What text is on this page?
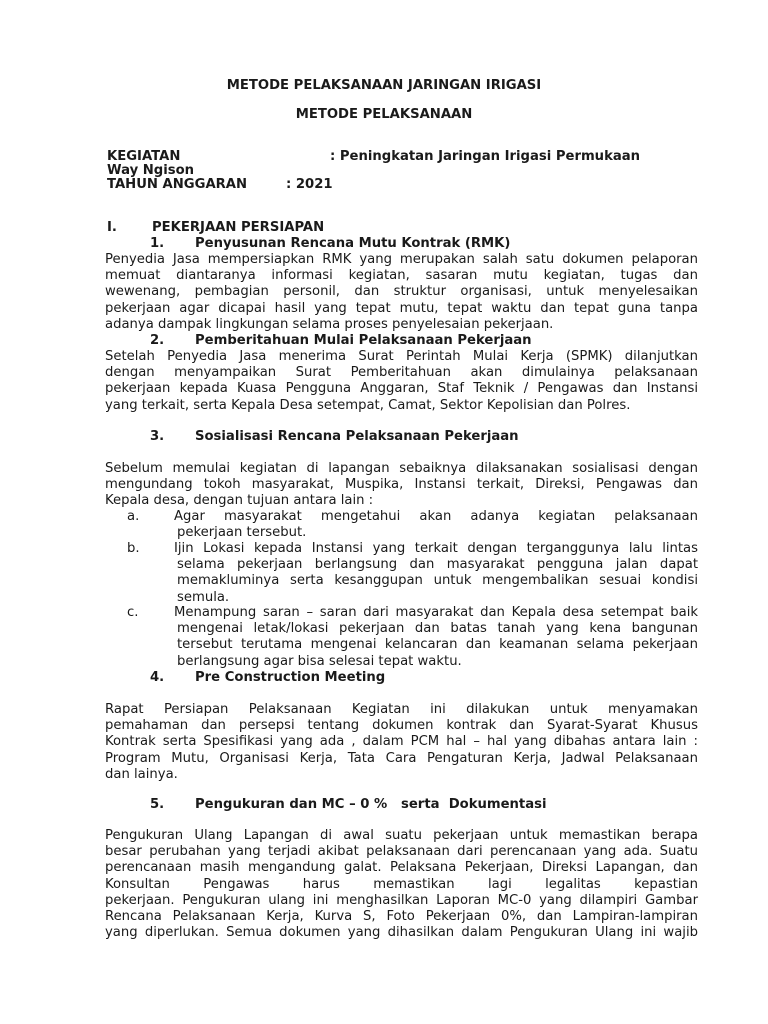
METODE PELAKSANAAN JARINGAN IRIGASI
METODE PELAKSANAAN
KEGIATAN	: Peningkatan Jaringan Irigasi Permukaan
Way Ngison
TAHUN ANGGARAN	: 2021
I.	PEKERJAAN PERSIAPAN
1. Penyusunan Rencana Mutu Kontrak (RMK)
Penyedia Jasa mempersiapkan RMK yang merupakan salah satu dokumen pelaporan
memuat diantaranya informasi kegiatan, sasaran mutu kegiatan, tugas dan
wewenang, pembagian personil, dan struktur organisasi, untuk menyelesaikan
pekerjaan agar dicapai hasil yang tepat mutu, tepat waktu dan tepat guna tanpa
adanya dampak lingkungan selama proses penyelesaian pekerjaan.
2. Pemberitahuan Mulai Pelaksanaan Pekerjaan
Setelah Penyedia Jasa menerima Surat Perintah Mulai Kerja (SPMK) dilanjutkan
dengan menyampaikan Surat Pemberitahuan akan dimulainya pelaksanaan
pekerjaan kepada Kuasa Pengguna Anggaran, Staf Teknik / Pengawas dan Instansi
yang terkait, serta Kepala Desa setempat, Camat, Sektor Kepolisian dan Polres.
3. Sosialisasi Rencana Pelaksanaan Pekerjaan
Sebelum memulai kegiatan di lapangan sebaiknya dilaksanakan sosialisasi dengan
mengundang tokoh masyarakat, Muspika, Instansi terkait, Direksi, Pengawas dan
Kepala desa, dengan tujuan antara lain :
a.	Agar masyarakat mengetahui akan adanya kegiatan pelaksanaan
pekerjaan tersebut.
b.	Ijin Lokasi kepada Instansi yang terkait dengan terganggunya lalu lintas
selama pekerjaan berlangsung dan masyarakat pengguna jalan dapat
memakluminya serta kesanggupan untuk mengembalikan sesuai kondisi
semula.
c.	Menampung saran – saran dari masyarakat dan Kepala desa setempat baik
mengenai letak/lokasi pekerjaan dan batas tanah yang kena bangunan
tersebut terutama mengenai kelancaran dan keamanan selama pekerjaan
berlangsung agar bisa selesai tepat waktu.
4. Pre Construction Meeting
Rapat Persiapan Pelaksanaan Kegiatan ini dilakukan untuk menyamakan
pemahaman dan persepsi tentang dokumen kontrak dan Syarat-Syarat Khusus
Kontrak serta Spesifikasi yang ada , dalam PCM hal – hal yang dibahas antara lain :
Program Mutu, Organisasi Kerja, Tata Cara Pengaturan Kerja, Jadwal Pelaksanaan
dan lainya.
5. Pengukuran dan MC – 0 %   serta  Dokumentasi
Pengukuran Ulang Lapangan di awal suatu pekerjaan untuk memastikan berapa
besar perubahan yang terjadi akibat pelaksanaan dari perencanaan yang ada. Suatu
perencanaan masih mengandung galat. Pelaksana Pekerjaan, Direksi Lapangan, dan
Konsultan Pengawas harus memastikan lagi legalitas kepastian
pekerjaan. Pengukuran ulang ini menghasilkan Laporan MC-0 yang dilampiri Gambar
Rencana Pelaksanaan Kerja, Kurva S, Foto Pekerjaan 0%, dan Lampiran-lampiran
yang diperlukan. Semua dokumen yang dihasilkan dalam Pengukuran Ulang ini wajib
